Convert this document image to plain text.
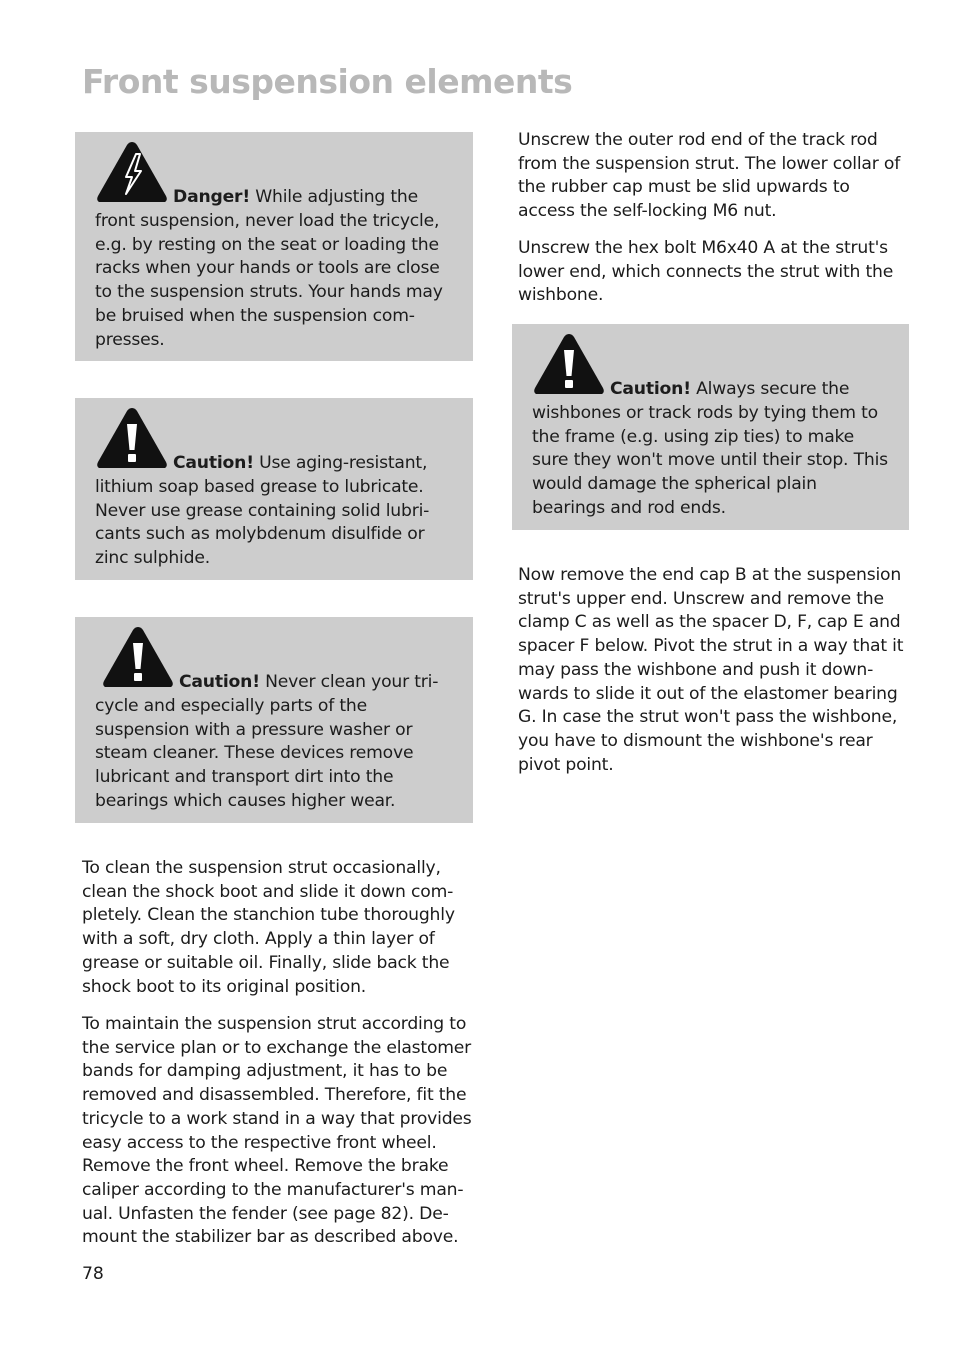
Front suspension elements
Danger! While adjusting the front suspension, never load the tricycle, e.g. by resting on the seat or loading the racks when your hands or tools are close to the suspension struts. Your hands may be bruised when the suspension compresses.
Caution! Use aging-resistant, lithium soap based grease to lubricate. Never use grease containing solid lubricants such as molybdenum disulfide or zinc sulphide.
Caution! Never clean your tricycle and especially parts of the suspension with a pressure washer or steam cleaner. These devices remove lubricant and transport dirt into the bearings which causes higher wear.

To clean the suspension strut occasionally, clean the shock boot and slide it down completely. Clean the stanchion tube thoroughly with a soft, dry cloth. Apply a thin layer of grease or suitable oil. Finally, slide back the shock boot to its original position.

To maintain the suspension strut according to the service plan or to exchange the elastomer bands for damping adjustment, it has to be removed and disassembled. Therefore, fit the tricycle to a work stand in a way that provides easy access to the respective front wheel. Remove the front wheel. Remove the brake caliper according to the manufacturer's manual. Unfasten the fender (see page 82). Demount the stabilizer bar as described above.

Unscrew the outer rod end of the track rod from the suspension strut. The lower collar of the rubber cap must be slid upwards to access the self-locking M6 nut.

Unscrew the hex bolt M6x40 A at the strut's lower end, which connects the strut with the wishbone.

Caution! Always secure the wishbones or track rods by tying them to the frame (e.g. using zip ties) to make sure they won't move until their stop. This would damage the spherical plain bearings and rod ends.

Now remove the end cap B at the suspension strut's upper end. Unscrew and remove the clamp C as well as the spacer D, F, cap E and spacer F below. Pivot the strut in a way that it may pass the wishbone and push it downwards to slide it out of the elastomer bearing G. In case the strut won't pass the wishbone, you have to dismount the wishbone's rear pivot point.

78
